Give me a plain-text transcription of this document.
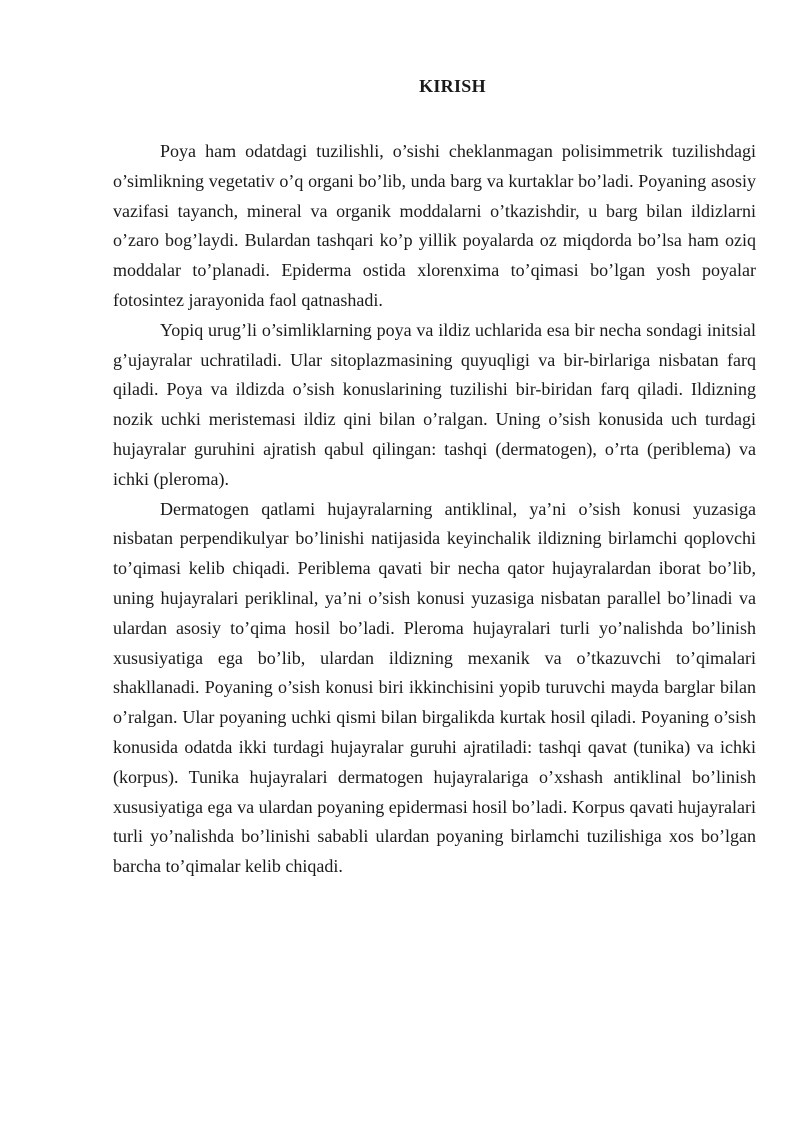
KIRISH

Poya ham odatdagi tuzilishli, o’sishi cheklanmagan polisimmetrik tuzilishdagi o’simlikning vegetativ o’q organi bo’lib, unda barg va kurtaklar bo’ladi. Poyaning asosiy vazifasi tayanch, mineral va organik moddalarni o’tkazishdir, u barg bilan ildizlarni o’zaro bog’laydi. Bulardan tashqari ko’p yillik poyalarda oz miqdorda bo’lsa ham oziq moddalar to’planadi. Epiderma ostida xlorenxima to’qimasi bo’lgan yosh poyalar fotosintez jarayonida faol qatnashadi.

Yopiq urug’li o’simliklarning poya va ildiz uchlarida esa bir necha sondagi initsial g’ujayralar uchratiladi. Ular sitoplazmasining quyuqligi va bir-birlariga nisbatan farq qiladi. Poya va ildizda o’sish konuslarining tuzilishi bir-biridan farq qiladi. Ildizning nozik uchki meristemasi ildiz qini bilan o’ralgan. Uning o’sish konusida uch turdagi hujayralar guruhini ajratish qabul qilingan: tashqi (dermatogen), o’rta (periblema) va ichki (pleroma).

Dermatogen qatlami hujayralarning antiklinal, ya’ni o’sish konusi yuzasiga nisbatan perpendikulyar bo’linishi natijasida keyinchalik ildizning birlamchi qoplovchi to’qimasi kelib chiqadi. Periblema qavati bir necha qator hujayralardan iborat bo’lib, uning hujayralari periklinal, ya’ni o’sish konusi yuzasiga nisbatan parallel bo’linadi va ulardan asosiy to’qima hosil bo’ladi. Pleroma hujayralari turli yo’nalishda bo’linish xususiyatiga ega bo’lib, ulardan ildizning mexanik va o’tkazuvchi to’qimalari shakllanadi. Poyaning o’sish konusi biri ikkinchisini yopib turuvchi mayda barglar bilan o’ralgan. Ular poyaning uchki qismi bilan birgalikda kurtak hosil qiladi. Poyaning o’sish konusida odatda ikki turdagi hujayralar guruhi ajratiladi: tashqi qavat (tunika) va ichki (korpus). Tunika hujayralari dermatogen hujayralariga o’xshash antiklinal bo’linish xususiyatiga ega va ulardan poyaning epidermasi hosil bo’ladi. Korpus qavati hujayralari turli yo’nalishda bo’linishi sababli ulardan poyaning birlamchi tuzilishiga xos bo’lgan barcha to’qimalar kelib chiqadi.
